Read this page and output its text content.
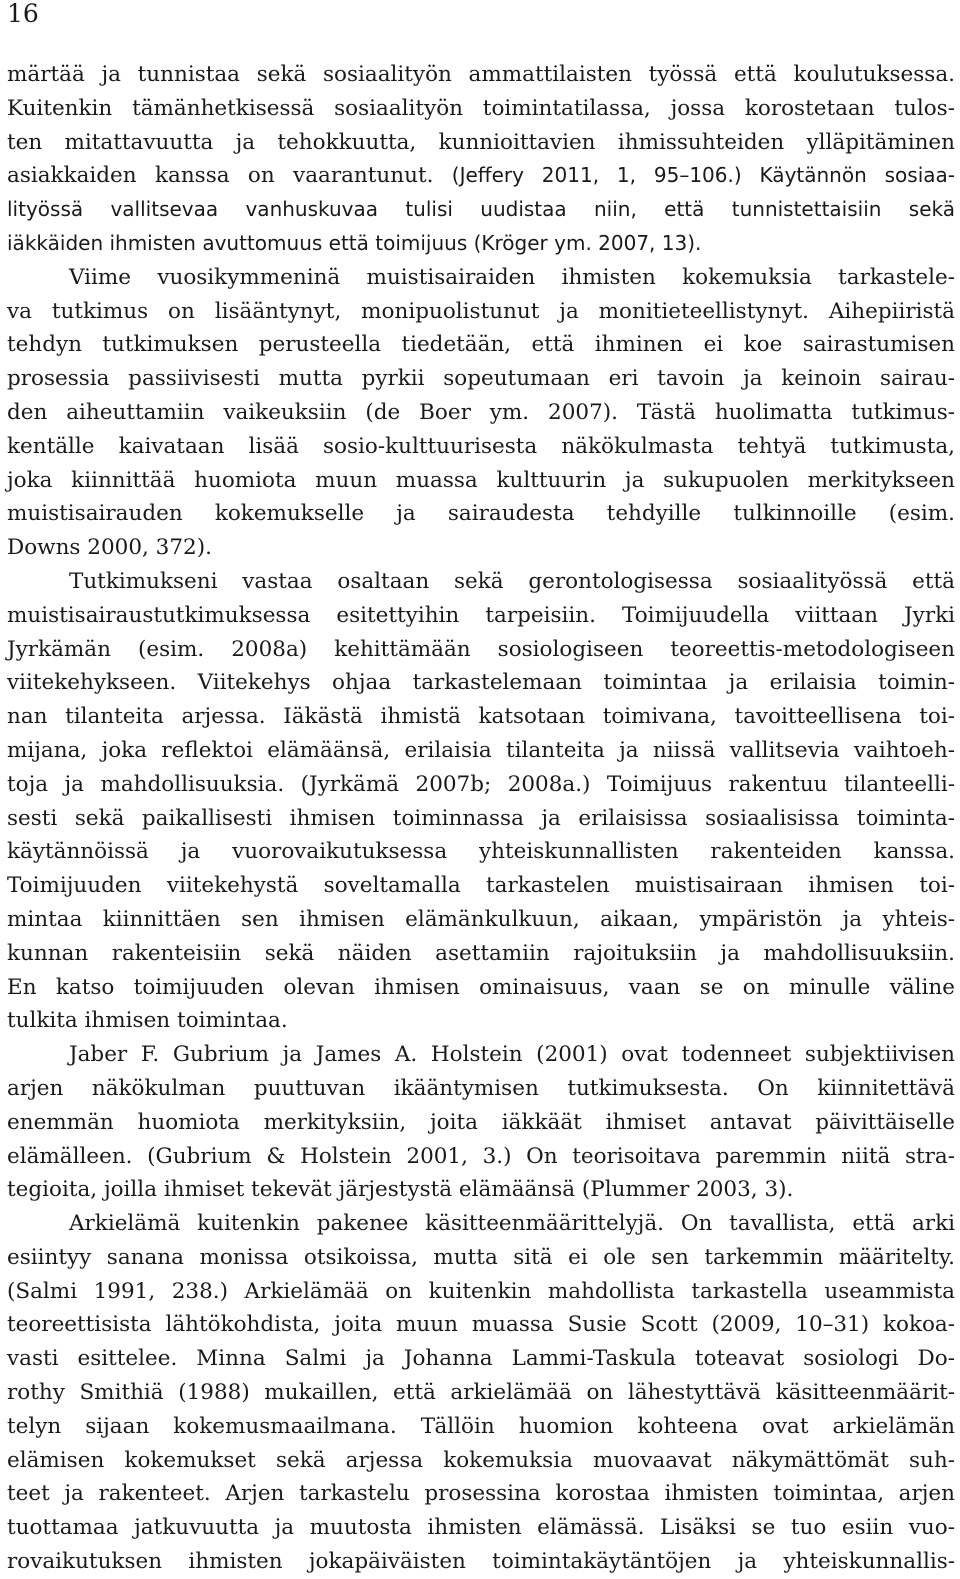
16
märtää ja tunnistaa sekä sosiaalityön ammattilaisten työssä että koulutuksessa.
Kuitenkin tämänhetkisessä sosiaalityön toimintatilassa, jossa korostetaan tulos-
ten mitattavuutta ja tehokkuutta, kunnioittavien ihmissuhteiden ylläpitäminen
asiakkaiden kanssa on vaarantunut. (Jeffery 2011, 1, 95–106.) Käytännön sosiaa-
lityössä vallitsevaa vanhuskuvaa tulisi uudistaa niin, että tunnistettaisiin sekä
iäkkäiden ihmisten avuttomuus että toimijuus (Kröger ym. 2007, 13).
Viime vuosikymmeninä muistisairaiden ihmisten kokemuksia tarkastele-
va tutkimus on lisääntynyt, monipuolistunut ja monitieteellistynyt. Aihepiiristä
tehdyn tutkimuksen perusteella tiedetään, että ihminen ei koe sairastumisen
prosessia passiivisesti mutta pyrkii sopeutumaan eri tavoin ja keinoin sairau-
den aiheuttamiin vaikeuksiin (de Boer ym. 2007). Tästä huolimatta tutkimus-
kentälle kaivataan lisää sosio-kulttuurisesta näkökulmasta tehtyä tutkimusta,
joka kiinnittää huomiota muun muassa kulttuurin ja sukupuolen merkitykseen
muistisairauden kokemukselle ja sairaudesta tehdyille tulkinnoille (esim.
Downs 2000, 372).
Tutkimukseni vastaa osaltaan sekä gerontologisessa sosiaalityössä että
muistisairaustutkimuksessa esitettyihin tarpeisiin. Toimijuudella viittaan Jyrki
Jyrkämän (esim. 2008a) kehittämään sosiologiseen teoreettis-metodologiseen
viitekehykseen. Viitekehys ohjaa tarkastelemaan toimintaa ja erilaisia toimin-
nan tilanteita arjessa. Iäkästä ihmistä katsotaan toimivana, tavoitteellisena toi-
mijana, joka reflektoi elämäänsä, erilaisia tilanteita ja niissä vallitsevia vaihtoeh-
toja ja mahdollisuuksia. (Jyrkämä 2007b; 2008a.) Toimijuus rakentuu tilanteelli-
sesti sekä paikallisesti ihmisen toiminnassa ja erilaisissa sosiaalisissa toiminta-
käytännöissä ja vuorovaikutuksessa yhteiskunnallisten rakenteiden kanssa.
Toimijuuden viitekehystä soveltamalla tarkastelen muistisairaan ihmisen toi-
mintaa kiinnittäen sen ihmisen elämänkulkuun, aikaan, ympäristön ja yhteis-
kunnan rakenteisiin sekä näiden asettamiin rajoituksiin ja mahdollisuuksiin.
En katso toimijuuden olevan ihmisen ominaisuus, vaan se on minulle väline
tulkita ihmisen toimintaa.
Jaber F. Gubrium ja James A. Holstein (2001) ovat todenneet subjektiivisen
arjen näkökulman puuttuvan ikääntymisen tutkimuksesta. On kiinnitettävä
enemmän huomiota merkityksiin, joita iäkkäät ihmiset antavat päivittäiselle
elämälleen. (Gubrium & Holstein 2001, 3.) On teorisoitava paremmin niitä stra-
tegioita, joilla ihmiset tekevät järjestystä elämäänsä (Plummer 2003, 3).
Arkielämä kuitenkin pakenee käsitteenmäärittelyjä. On tavallista, että arki
esiintyy sanana monissa otsikoissa, mutta sitä ei ole sen tarkemmin määritelty.
(Salmi 1991, 238.) Arkielämää on kuitenkin mahdollista tarkastella useammista
teoreettisista lähtökohdista, joita muun muassa Susie Scott (2009, 10–31) kokoa-
vasti esittelee. Minna Salmi ja Johanna Lammi-Taskula toteavat sosiologi Do-
rothy Smithiä (1988) mukaillen, että arkielämää on lähestyttävä käsitteenmäärit-
telyn sijaan kokemusmaailmana. Tällöin huomion kohteena ovat arkielämän
elämisen kokemukset sekä arjessa kokemuksia muovaavat näkymättömät suh-
teet ja rakenteet. Arjen tarkastelu prosessina korostaa ihmisten toimintaa, arjen
tuottamaa jatkuvuutta ja muutosta ihmisten elämässä. Lisäksi se tuo esiin vuo-
rovaikutuksen ihmisten jokapäiväisten toimintakäytäntöjen ja yhteiskunnallis-
